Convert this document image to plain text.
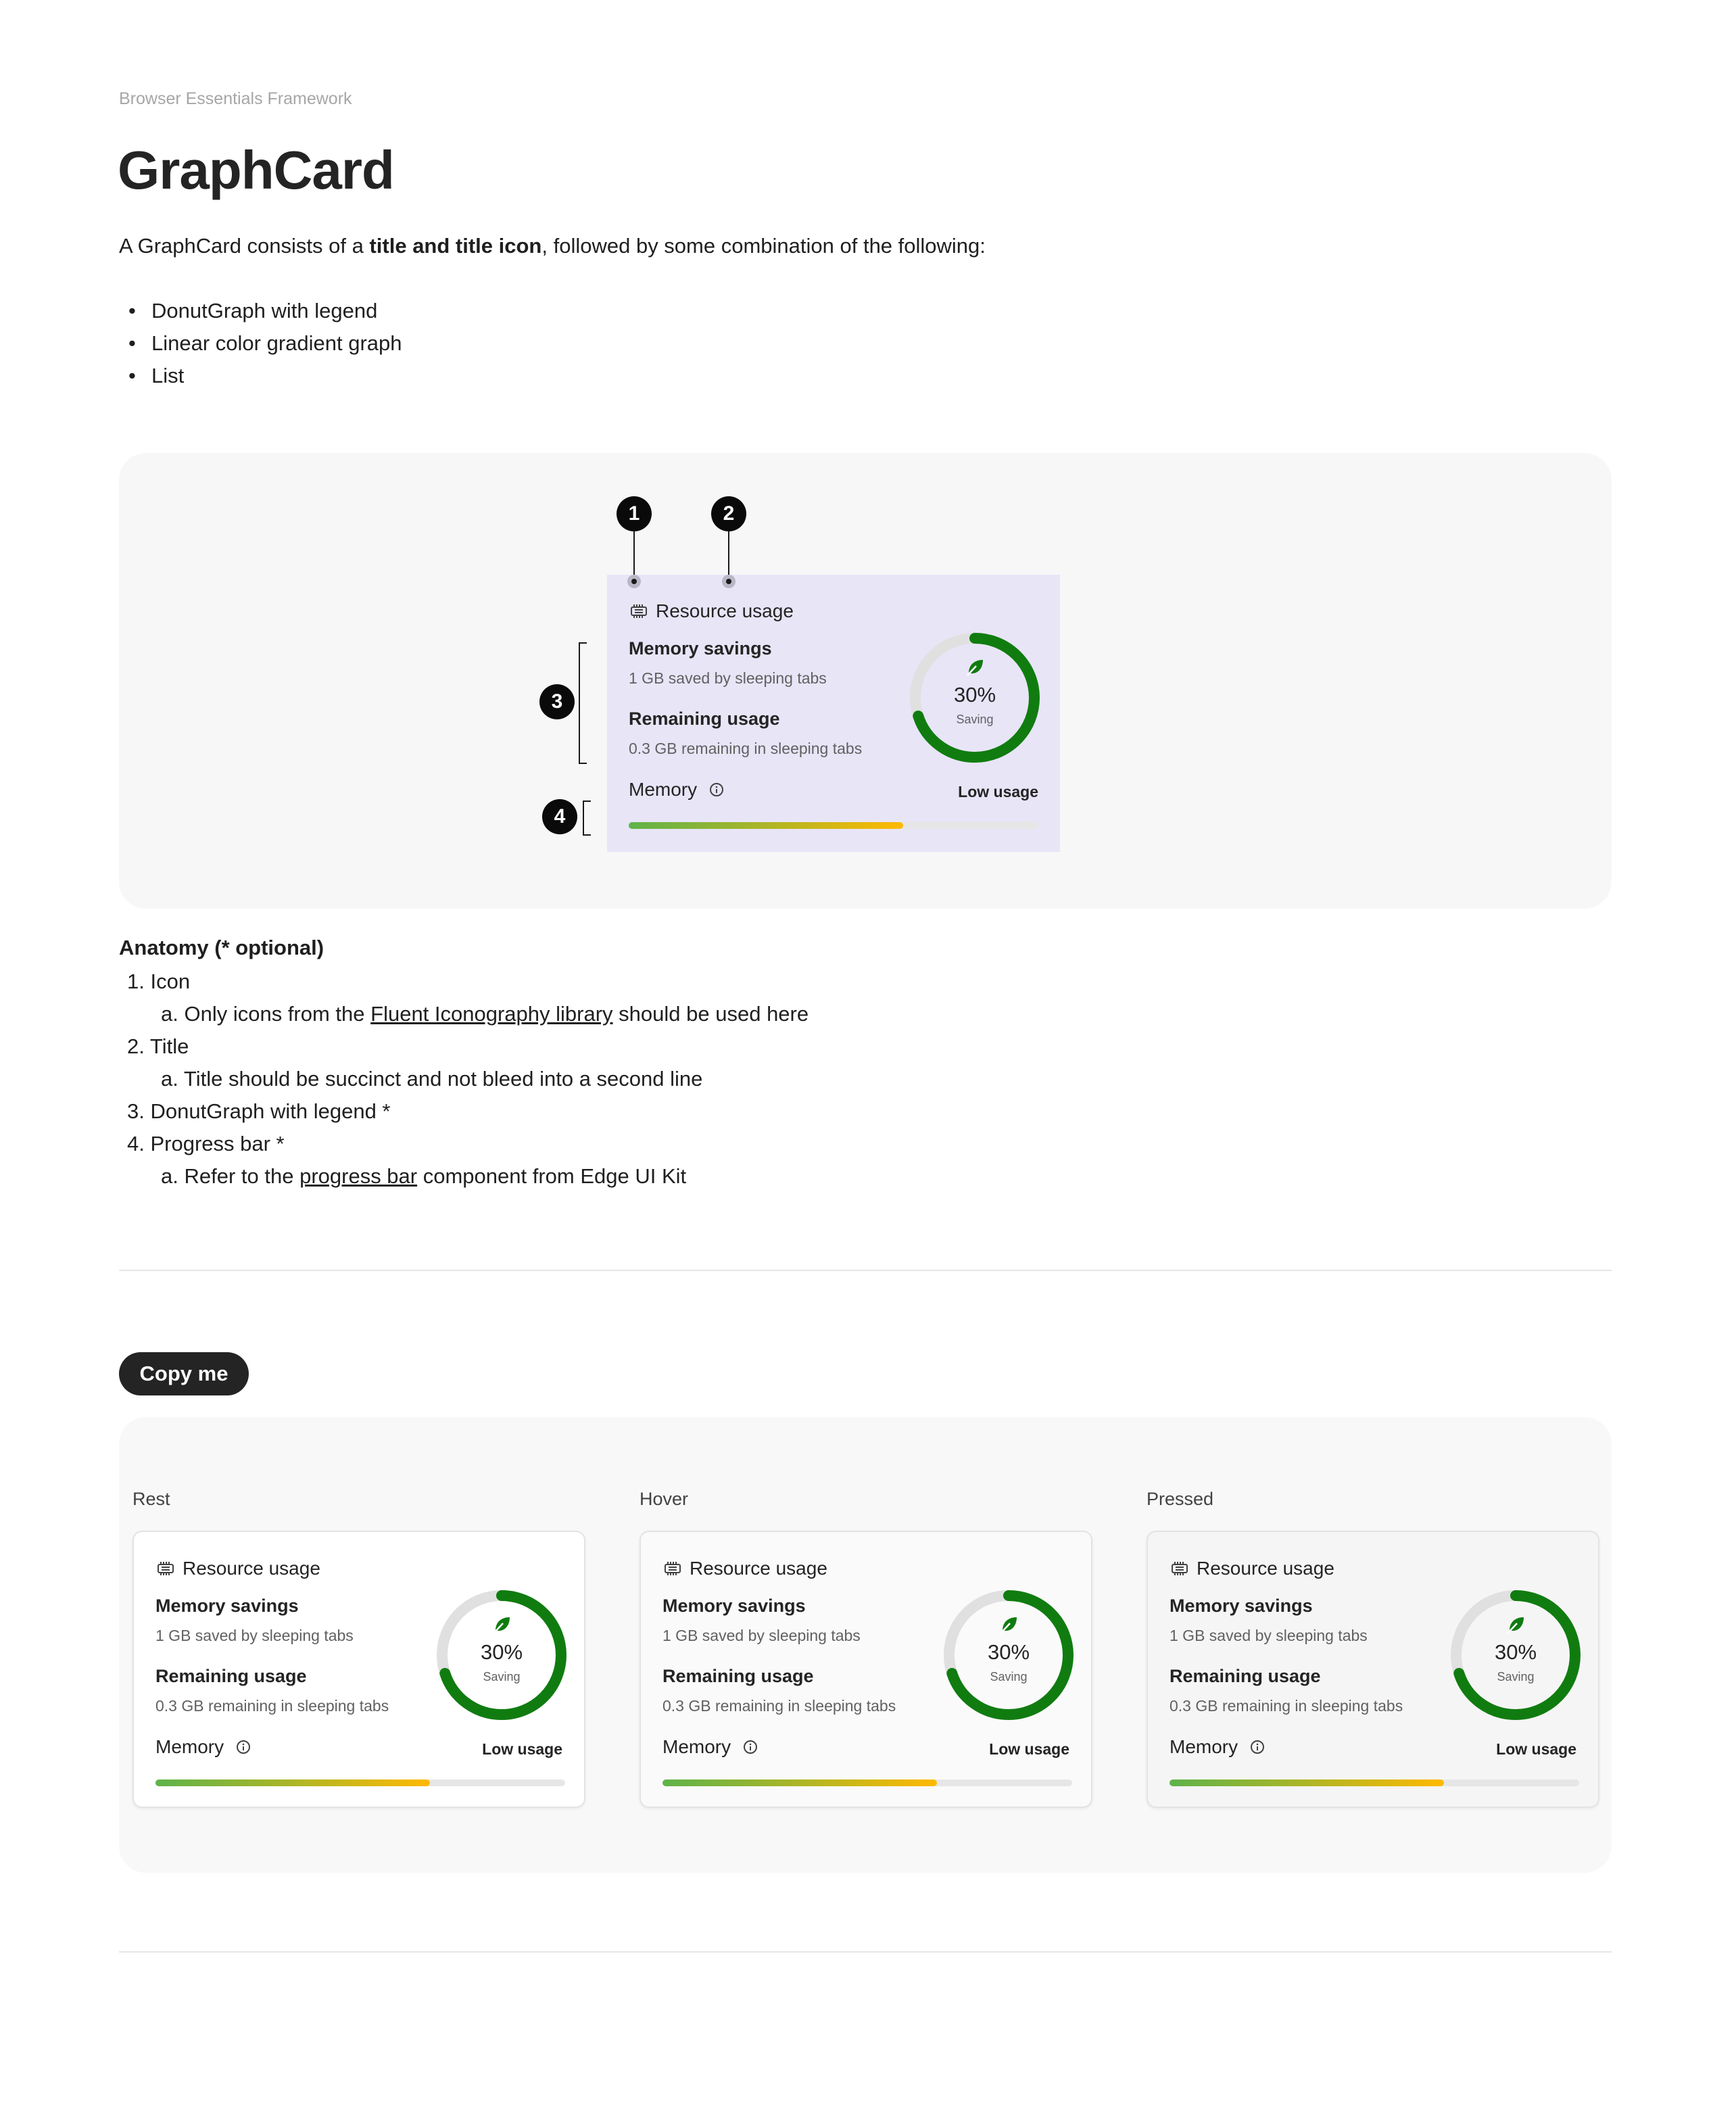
Browser Essentials Framework
GraphCard
A GraphCard consists of a title and title icon, followed by some combination of the following:
• DonutGraph with legend
• Linear color gradient graph
• List
1	2
3
4
Resource usage
Memory savings
1 GB saved by sleeping tabs
Remaining usage
0.3 GB remaining in sleeping tabs
30%
Saving
Memory	Low usage
Anatomy (* optional)
1. Icon
a. Only icons from the Fluent Iconography library should be used here
2. Title
a. Title should be succinct and not bleed into a second line
3. DonutGraph with legend *
4. Progress bar *
a. Refer to the progress bar component from Edge UI Kit
Copy me
Rest	Hover	Pressed
Resource usage
Memory savings
1 GB saved by sleeping tabs
Remaining usage
0.3 GB remaining in sleeping tabs
30%
Saving
Memory	Low usage
Resource usage
Memory savings
1 GB saved by sleeping tabs
Remaining usage
0.3 GB remaining in sleeping tabs
30%
Saving
Memory	Low usage
Resource usage
Memory savings
1 GB saved by sleeping tabs
Remaining usage
0.3 GB remaining in sleeping tabs
30%
Saving
Memory	Low usage
